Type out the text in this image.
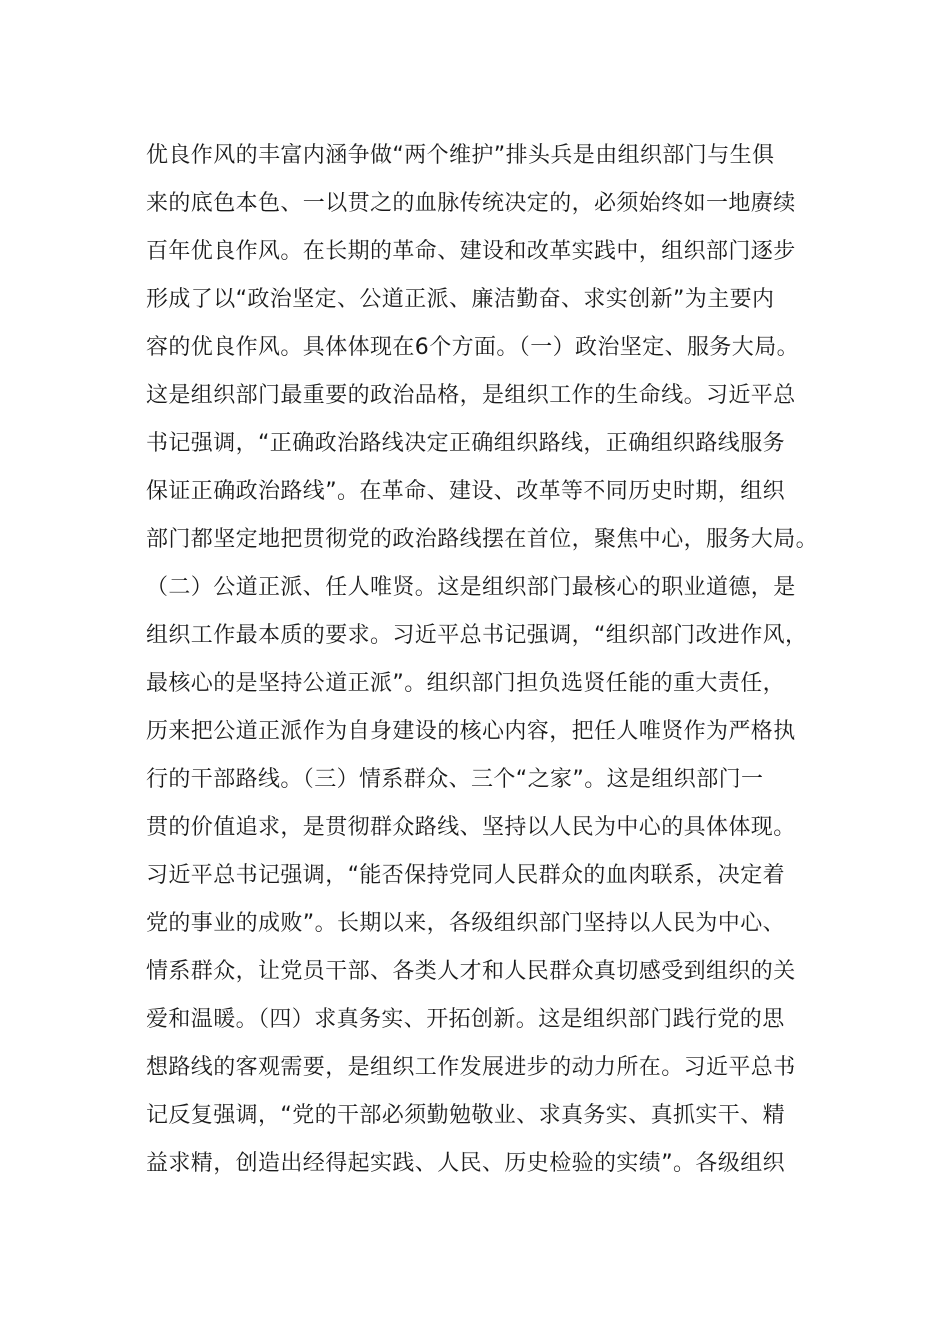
优良作风的丰富内涵争做“两个维护”排头兵是由组织部门与生俱
来的底色本色、一以贯之的血脉传统决定的，必须始终如一地赓续
百年优良作风。在长期的革命、建设和改革实践中，组织部门逐步
形成了以“政治坚定、公道正派、廉洁勤奋、求实创新”为主要内
容的优良作风。具体体现在6个方面。（一）政治坚定、服务大局。
这是组织部门最重要的政治品格，是组织工作的生命线。习近平总
书记强调，“正确政治路线决定正确组织路线，正确组织路线服务
保证正确政治路线”。在革命、建设、改革等不同历史时期，组织
部门都坚定地把贯彻党的政治路线摆在首位，聚焦中心，服务大局。
（二）公道正派、任人唯贤。这是组织部门最核心的职业道德，是
组织工作最本质的要求。习近平总书记强调，“组织部门改进作风，
最核心的是坚持公道正派”。组织部门担负选贤任能的重大责任，
历来把公道正派作为自身建设的核心内容，把任人唯贤作为严格执
行的干部路线。（三）情系群众、三个“之家”。这是组织部门一
贯的价值追求，是贯彻群众路线、坚持以人民为中心的具体体现。
习近平总书记强调，“能否保持党同人民群众的血肉联系，决定着
党的事业的成败”。长期以来，各级组织部门坚持以人民为中心、
情系群众，让党员干部、各类人才和人民群众真切感受到组织的关
爱和温暖。（四）求真务实、开拓创新。这是组织部门践行党的思
想路线的客观需要，是组织工作发展进步的动力所在。习近平总书
记反复强调，“党的干部必须勤勉敬业、求真务实、真抓实干、精
益求精，创造出经得起实践、人民、历史检验的实绩”。各级组织
